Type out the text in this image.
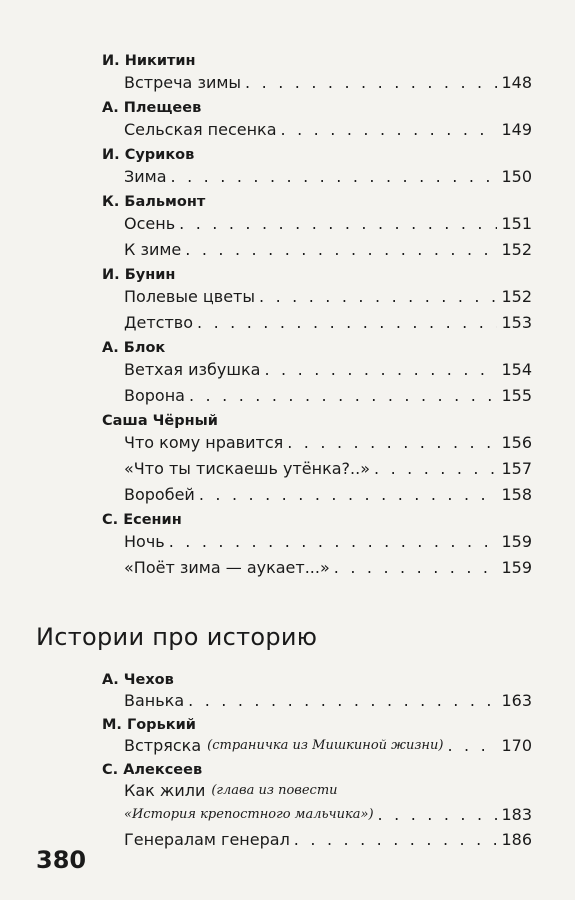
И. Никитин
Встреча зимы . . .	148
А. Плещеев
Сельская песенка . . .	149
И. Суриков
Зима . . .	150
К. Бальмонт
Осень . . .	151
К зиме . . .	152
И. Бунин
Полевые цветы . . .	152
Детство . . .	153
А. Блок
Ветхая избушка . . .	154
Ворона . . .	155
Саша Чёрный
Что кому нравится . . .	156
«Что ты тискаешь утёнка?..» . . .	157
Воробей . . .	158
С. Есенин
Ночь . . .	159
«Поёт зима — аукает...» . . .	159
А. Чехов
Ванька . . .	163
М. Горький
Встряска (страничка из Мишкиной жизни) . . .	170
С. Алексеев
Как жили (глава из повести
«История крепостного мальчика») . . .	183
Генералам генерал . . .	186
Истории про историю
380
